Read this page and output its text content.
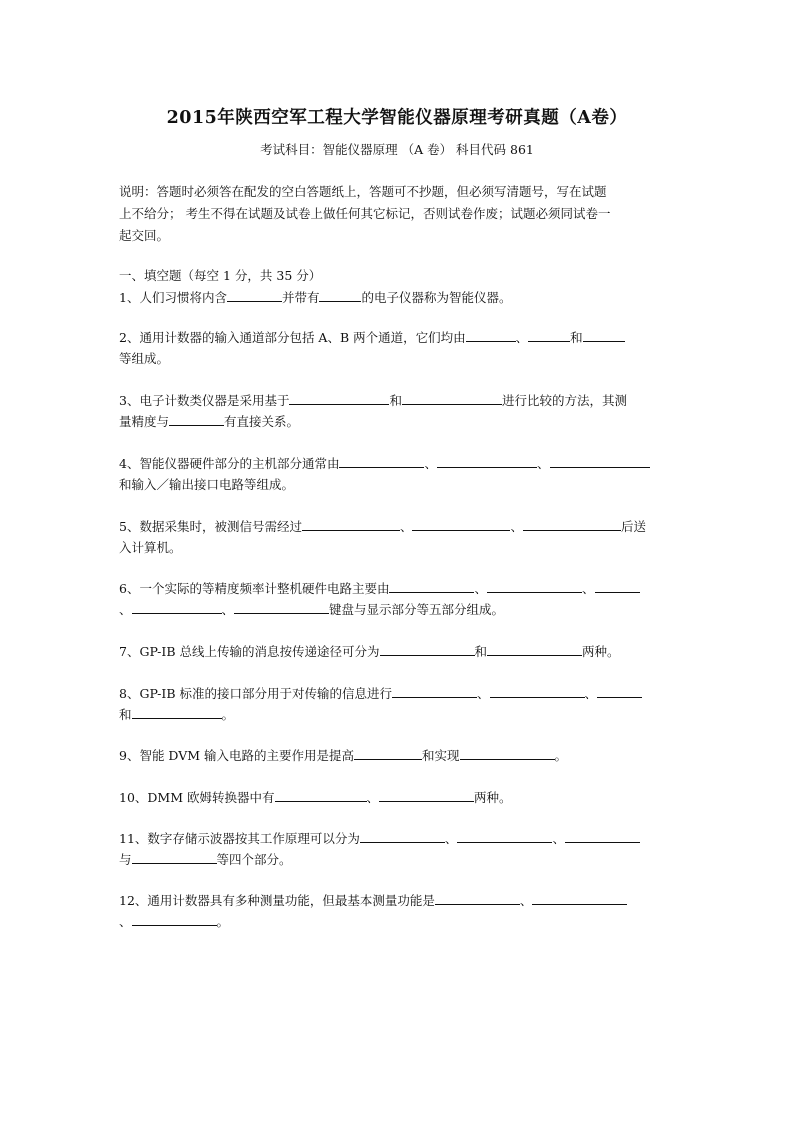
2015年陕西空军工程大学智能仪器原理考研真题（A卷）
考试科目：智能仪器原理 （A 卷） 科目代码 861
说明：答题时必须答在配发的空白答题纸上，答题可不抄题，但必须写清题号，写在试题
上不给分； 考生不得在试题及试卷上做任何其它标记，否则试卷作废；试题必须同试卷一
起交回。
一、填空题（每空 1 分，共 35 分）
1、人们习惯将内含	并带有	的电子仪器称为智能仪器。
2、通用计数器的输入通道部分包括 A、B 两个通道，它们均由	、	和
等组成。
3、电子计数类仪器是采用基于	和	进行比较的方法，其测
量精度与	有直接关系。
4、智能仪器硬件部分的主机部分通常由	、	、
和输入／输出接口电路等组成。
5、数据采集时，被测信号需经过	、	、	后送
入计算机。
6、一个实际的等精度频率计整机硬件电路主要由	、	、
、	、	键盘与显示部分等五部分组成。
7、GP-IB 总线上传输的消息按传递途径可分为	和	两种。
8、GP-IB 标准的接口部分用于对传输的信息进行	、	、
和	。
9、智能 DVM 输入电路的主要作用是提高	和实现	。
10、DMM 欧姆转换器中有	、	两种。
11、数字存储示波器按其工作原理可以分为	、	、
与	等四个部分。
12、通用计数器具有多种测量功能，但最基本测量功能是	、
、	。
